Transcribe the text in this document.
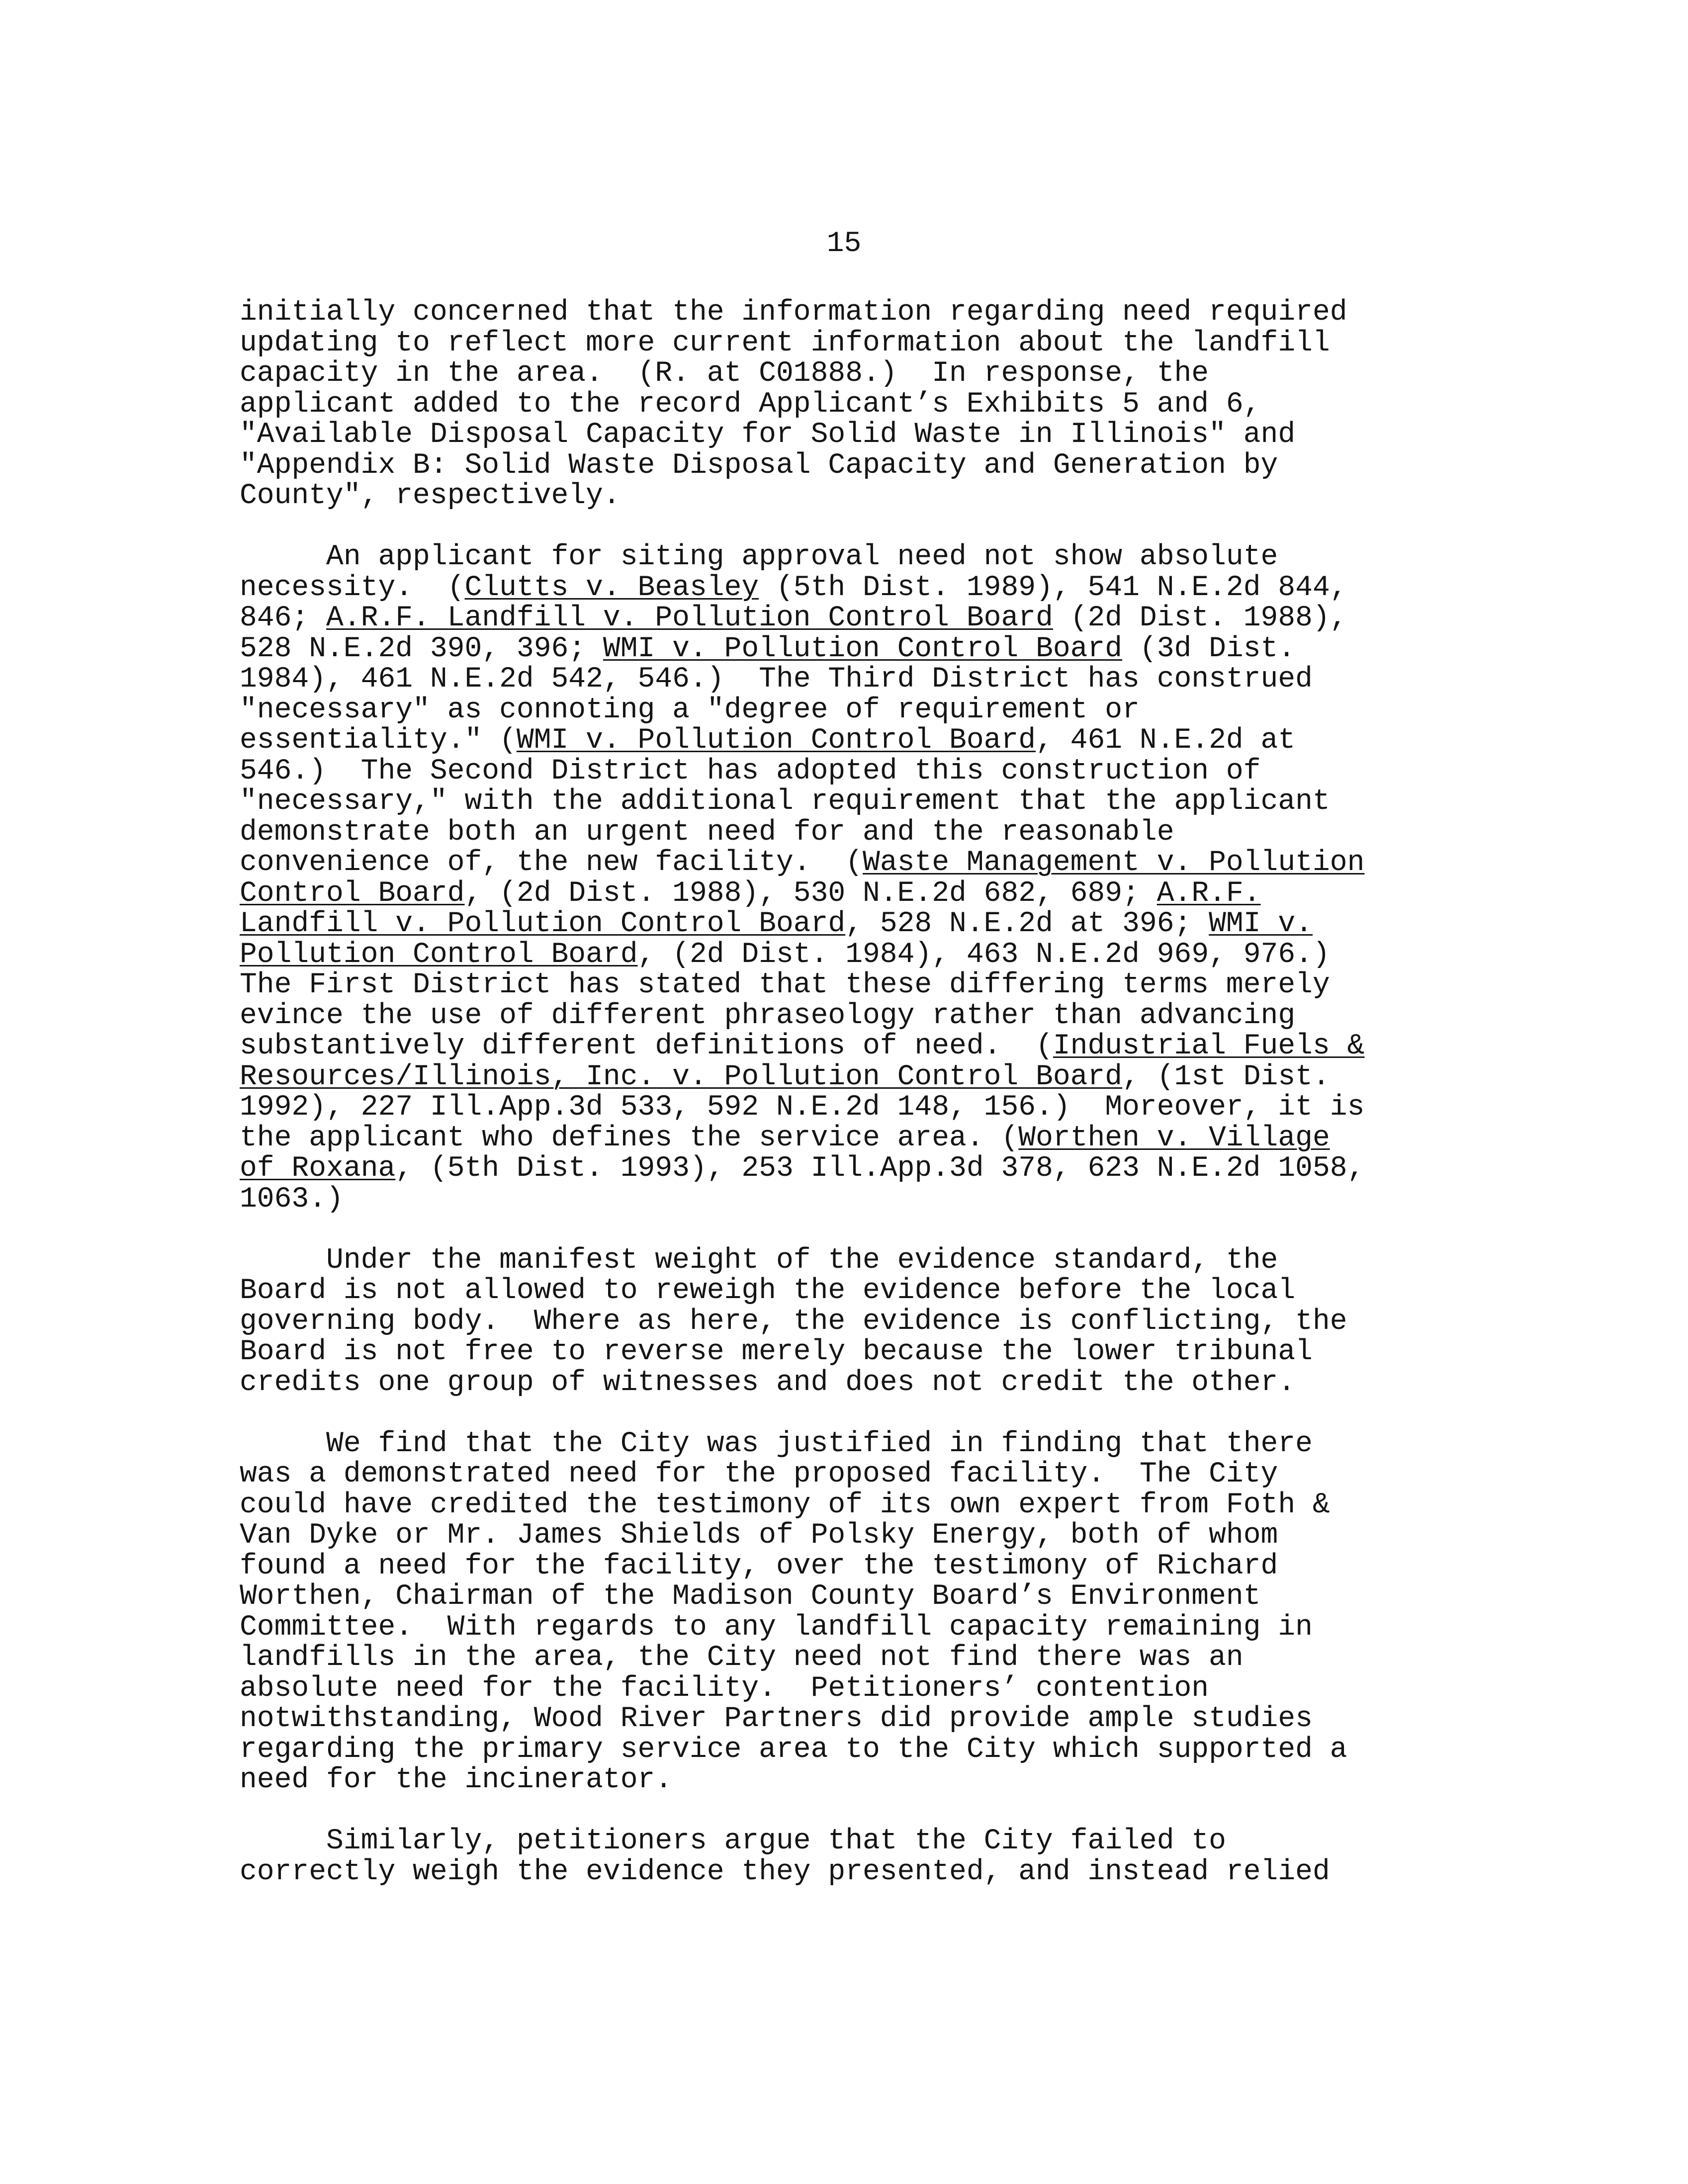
15
initially concerned that the information regarding need required
updating to reflect more current information about the landfill
capacity in the area.  (R. at C01888.)  In response, the
applicant added to the record Applicant’s Exhibits 5 and 6,
"Available Disposal Capacity for Solid Waste in Illinois" and
"Appendix B: Solid Waste Disposal Capacity and Generation by
County", respectively.
An applicant for siting approval need not show absolute
necessity.  (Clutts v. Beasley (5th Dist. 1989), 541 N.E.2d 844,
846; A.R.F. Landfill v. Pollution Control Board (2d Dist. 1988),
528 N.E.2d 390, 396; WMI v. Pollution Control Board (3d Dist.
1984), 461 N.E.2d 542, 546.)  The Third District has construed
"necessary" as connoting a "degree of requirement or
essentiality." (WMI v. Pollution Control Board, 461 N.E.2d at
546.)  The Second District has adopted this construction of
"necessary," with the additional requirement that the applicant
demonstrate both an urgent need for and the reasonable
convenience of, the new facility.  (Waste Management v. Pollution
Control Board, (2d Dist. 1988), 530 N.E.2d 682, 689; A.R.F.
Landfill v. Pollution Control Board, 528 N.E.2d at 396; WMI v.
Pollution Control Board, (2d Dist. 1984), 463 N.E.2d 969, 976.)
The First District has stated that these differing terms merely
evince the use of different phraseology rather than advancing
substantively different definitions of need.  (Industrial Fuels &
Resources/Illinois, Inc. v. Pollution Control Board, (1st Dist.
1992), 227 Ill.App.3d 533, 592 N.E.2d 148, 156.)  Moreover, it is
the applicant who defines the service area. (Worthen v. Village
of Roxana, (5th Dist. 1993), 253 Ill.App.3d 378, 623 N.E.2d 1058,
1063.)
Under the manifest weight of the evidence standard, the
Board is not allowed to reweigh the evidence before the local
governing body.  Where as here, the evidence is conflicting, the
Board is not free to reverse merely because the lower tribunal
credits one group of witnesses and does not credit the other.
We find that the City was justified in finding that there
was a demonstrated need for the proposed facility.  The City
could have credited the testimony of its own expert from Foth &
Van Dyke or Mr. James Shields of Polsky Energy, both of whom
found a need for the facility, over the testimony of Richard
Worthen, Chairman of the Madison County Board’s Environment
Committee.  With regards to any landfill capacity remaining in
landfills in the area, the City need not find there was an
absolute need for the facility.  Petitioners’ contention
notwithstanding, Wood River Partners did provide ample studies
regarding the primary service area to the City which supported a
need for the incinerator.
Similarly, petitioners argue that the City failed to
correctly weigh the evidence they presented, and instead relied
